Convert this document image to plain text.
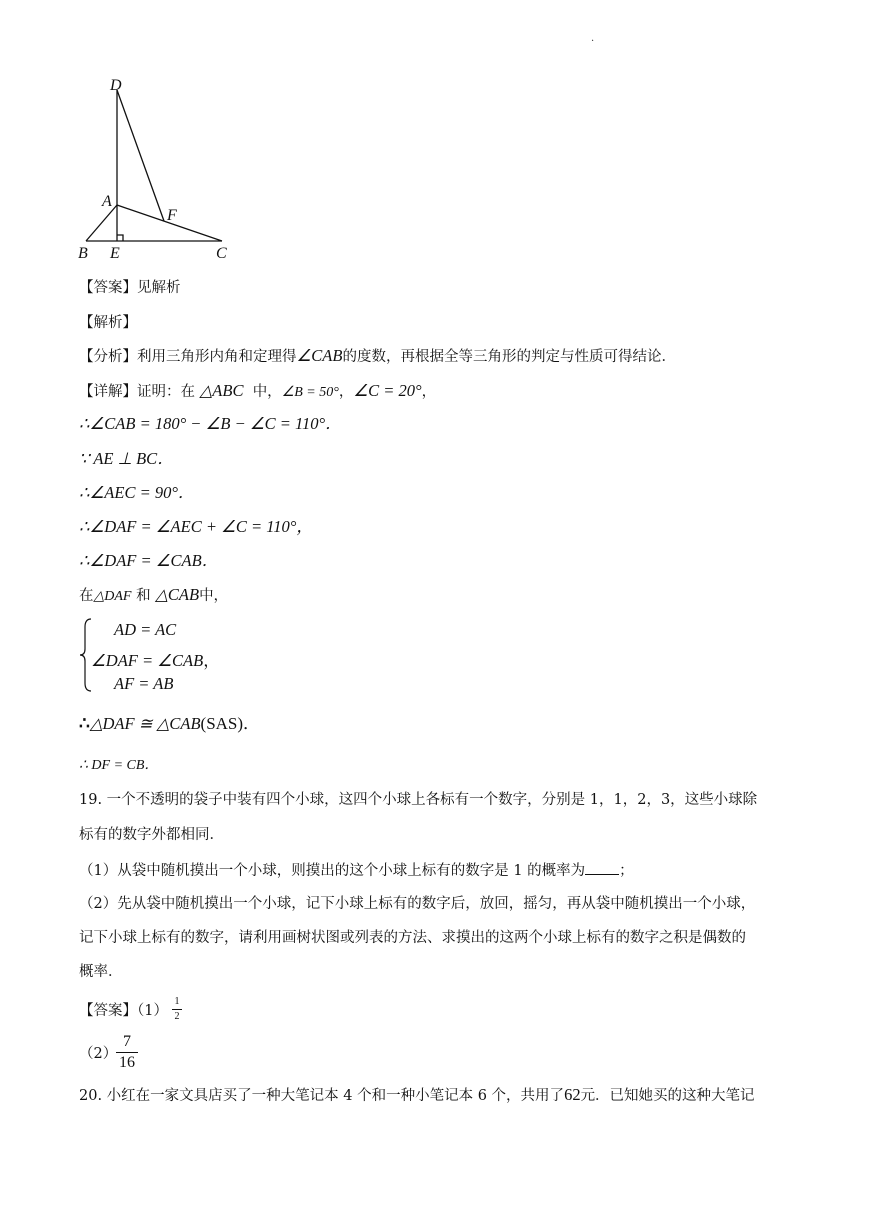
.
D
A
F
B E	C
【答案】见解析
【解析】
【分析】利用三角形内角和定理得∠CAB的度数，再根据全等三角形的判定与性质可得结论．
【详解】证明：在 △ABC 中，∠B = 50°，∠C = 20°，
∴∠CAB = 180° − ∠B − ∠C = 110°．
∵ AE ⊥ BC．
∴∠AEC = 90°．
∴∠DAF = ∠AEC + ∠C = 110°，
∴∠DAF = ∠CAB．
在△DAF 和 △CAB中，
AD = AC
∠DAF = ∠CAB，
AF = AB
∴△DAF ≅ △CAB(SAS)．
∴ DF = CB．
19. 一个不透明的袋子中装有四个小球，这四个小球上各标有一个数字，分别是 1，1，2，3，这些小球除
标有的数字外都相同．
（1）从袋中随机摸出一个小球，则摸出的这个小球上标有的数字是 1 的概率为 ；
（2）先从袋中随机摸出一个小球，记下小球上标有的数字后，放回，摇匀，再从袋中随机摸出一个小球，
记下小球上标有的数字，请利用画树状图或列表的方法、求摸出的这两个小球上标有的数字之积是偶数的
概率．
【答案】（1）
1
2
（2）
7
16
20. 小红在一家文具店买了一种大笔记本 4 个和一种小笔记本 6 个，共用了62元．已知她买的这种大笔记
